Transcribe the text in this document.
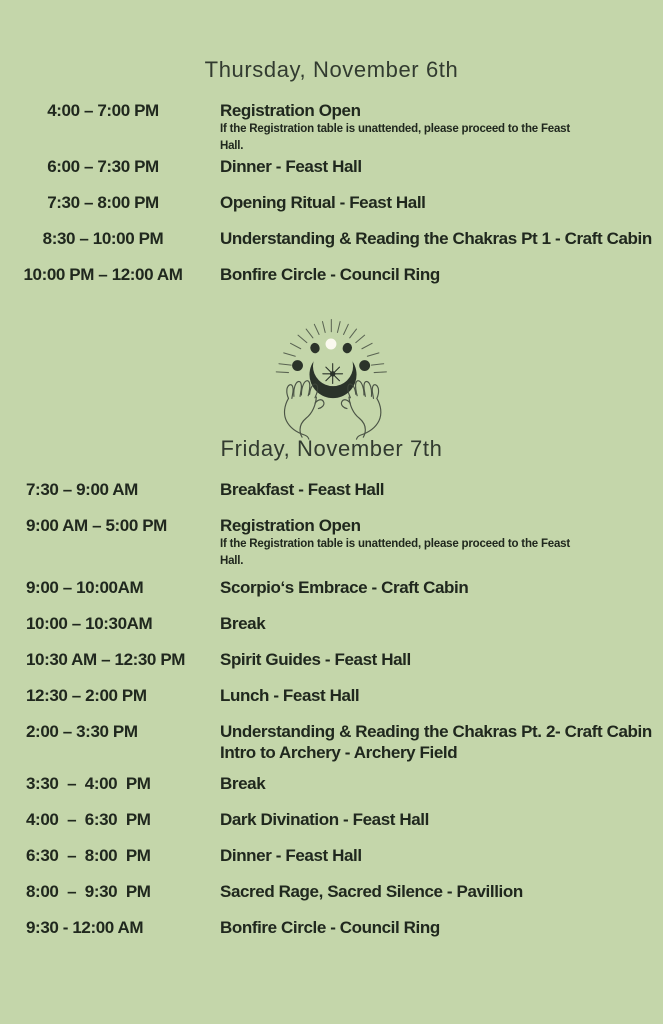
Thursday, November 6th
4:00 – 7:00 PM	Registration Open
If the Registration table is unattended, please proceed to the Feast
Hall.
6:00 – 7:30 PM	Dinner - Feast Hall
7:30 – 8:00 PM	Opening Ritual - Feast Hall
8:30 – 10:00 PM	Understanding & Reading the Chakras Pt 1 - Craft Cabin
10:00 PM – 12:00 AM	Bonfire Circle - Council Ring
Friday, November 7th
7:30 – 9:00 AM	Breakfast - Feast Hall
9:00 AM – 5:00 PM	Registration Open
If the Registration table is unattended, please proceed to the Feast
Hall.
9:00 – 10:00AM	Scorpio‘s Embrace - Craft Cabin
10:00 – 10:30AM	Break
10:30 AM – 12:30 PM	Spirit Guides - Feast Hall
12:30 – 2:00 PM	Lunch - Feast Hall
2:00 – 3:30 PM	Understanding & Reading the Chakras Pt. 2- Craft Cabin
Intro to Archery - Archery Field
3:30  –  4:00  PM	Break
4:00  –  6:30  PM	Dark Divination - Feast Hall
6:30  –  8:00  PM	Dinner - Feast Hall
8:00  –  9:30  PM	Sacred Rage, Sacred Silence - Pavillion
9:30 - 12:00 AM	Bonfire Circle - Council Ring
